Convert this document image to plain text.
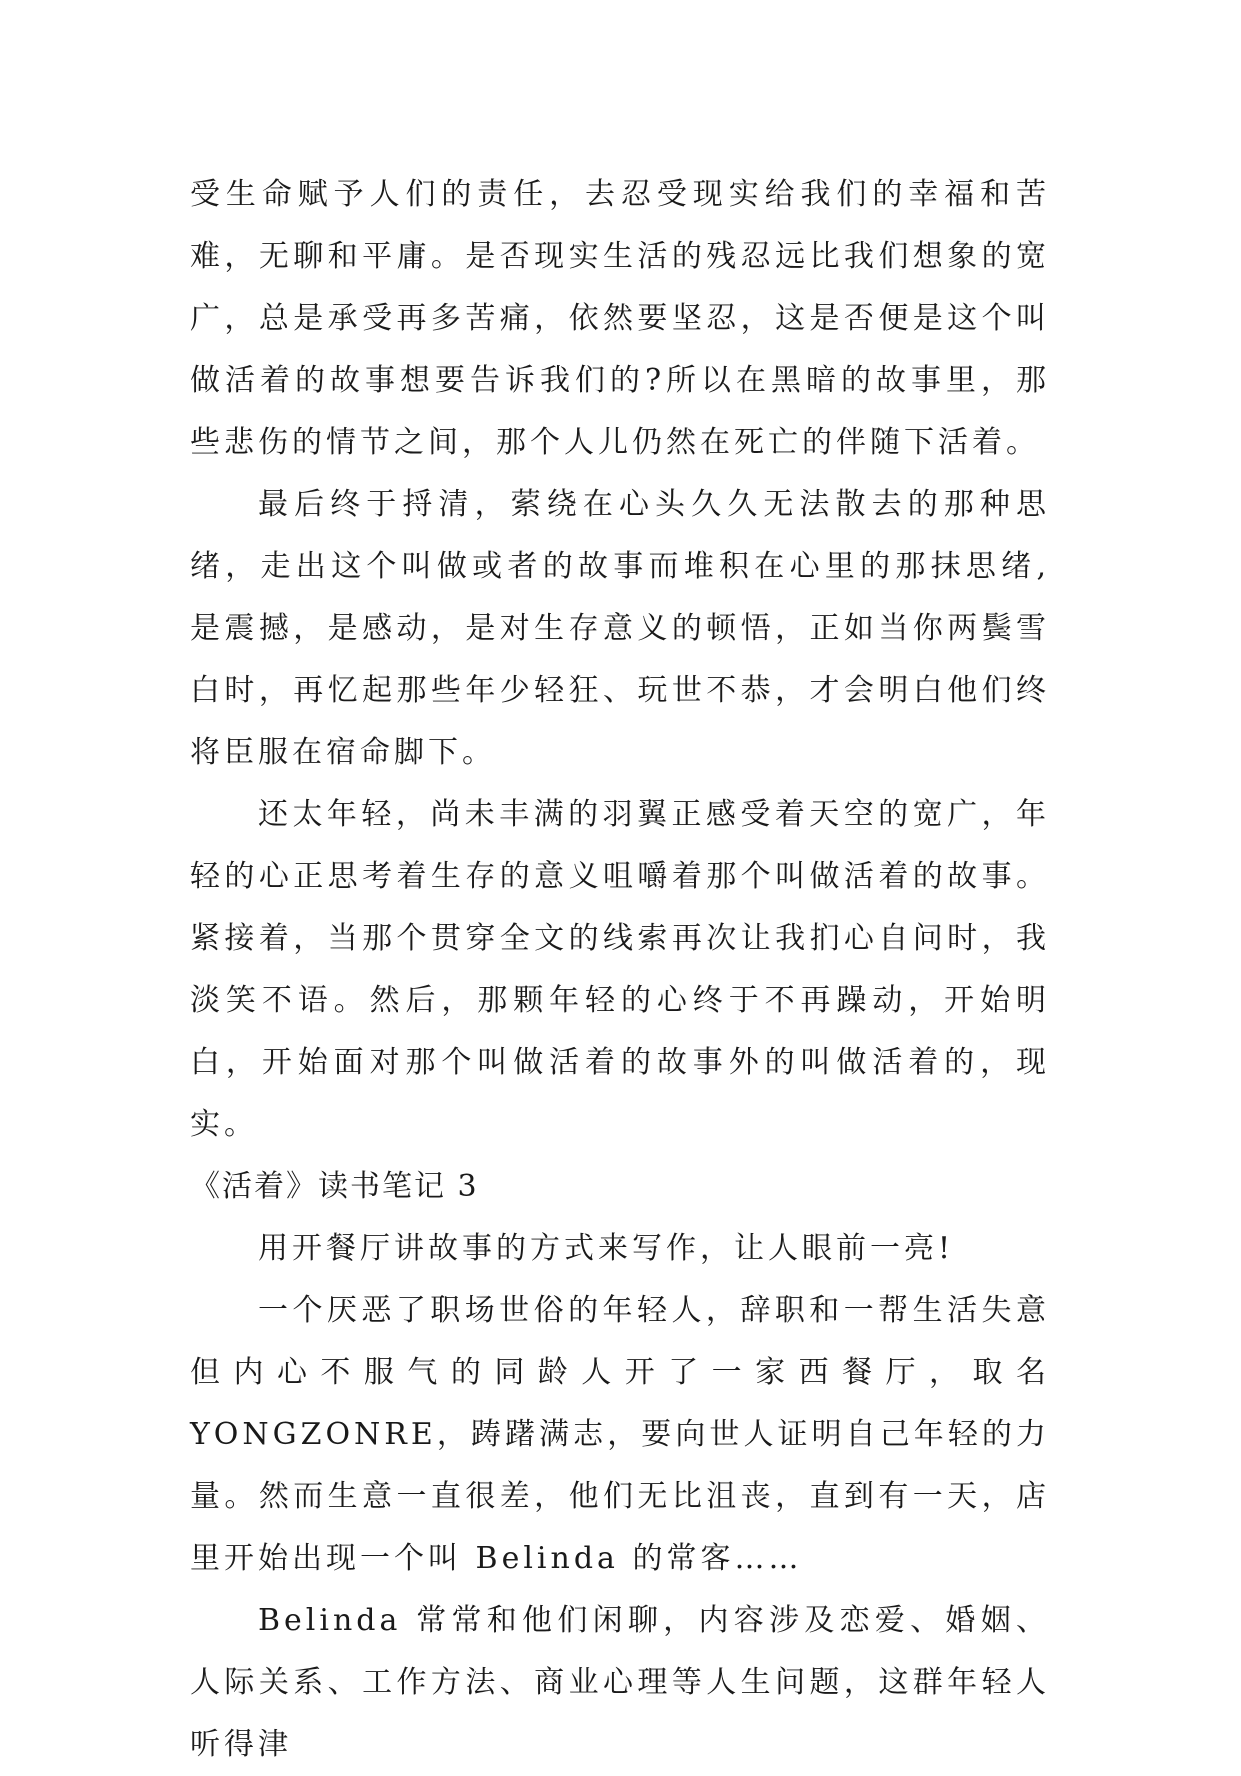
受生命赋予人们的责任，去忍受现实给我们的幸福和苦难，无聊和平庸。是否现实生活的残忍远比我们想象的宽广，总是承受再多苦痛，依然要坚忍，这是否便是这个叫做活着的故事想要告诉我们的?所以在黑暗的故事里，那些悲伤的情节之间，那个人儿仍然在死亡的伴随下活着。

最后终于捋清，萦绕在心头久久无法散去的那种思绪，走出这个叫做或者的故事而堆积在心里的那抹思绪,是震撼，是感动，是对生存意义的顿悟，正如当你两鬓雪白时，再忆起那些年少轻狂、玩世不恭，才会明白他们终将臣服在宿命脚下。

还太年轻，尚未丰满的羽翼正感受着天空的宽广，年轻的心正思考着生存的意义咀嚼着那个叫做活着的故事。紧接着，当那个贯穿全文的线索再次让我扪心自问时，我淡笑不语。然后，那颗年轻的心终于不再躁动，开始明白，开始面对那个叫做活着的故事外的叫做活着的，现实。

《活着》读书笔记 3

用开餐厅讲故事的方式来写作，让人眼前一亮!

一个厌恶了职场世俗的年轻人，辞职和一帮生活失意但内心不服气的同龄人开了一家西餐厅，取名 YONGZONRE，踌躇满志，要向世人证明自己年轻的力量。然而生意一直很差，他们无比沮丧，直到有一天，店里开始出现一个叫 Belinda 的常客……

Belinda 常常和他们闲聊，内容涉及恋爱、婚姻、人际关系、工作方法、商业心理等人生问题，这群年轻人听得津
